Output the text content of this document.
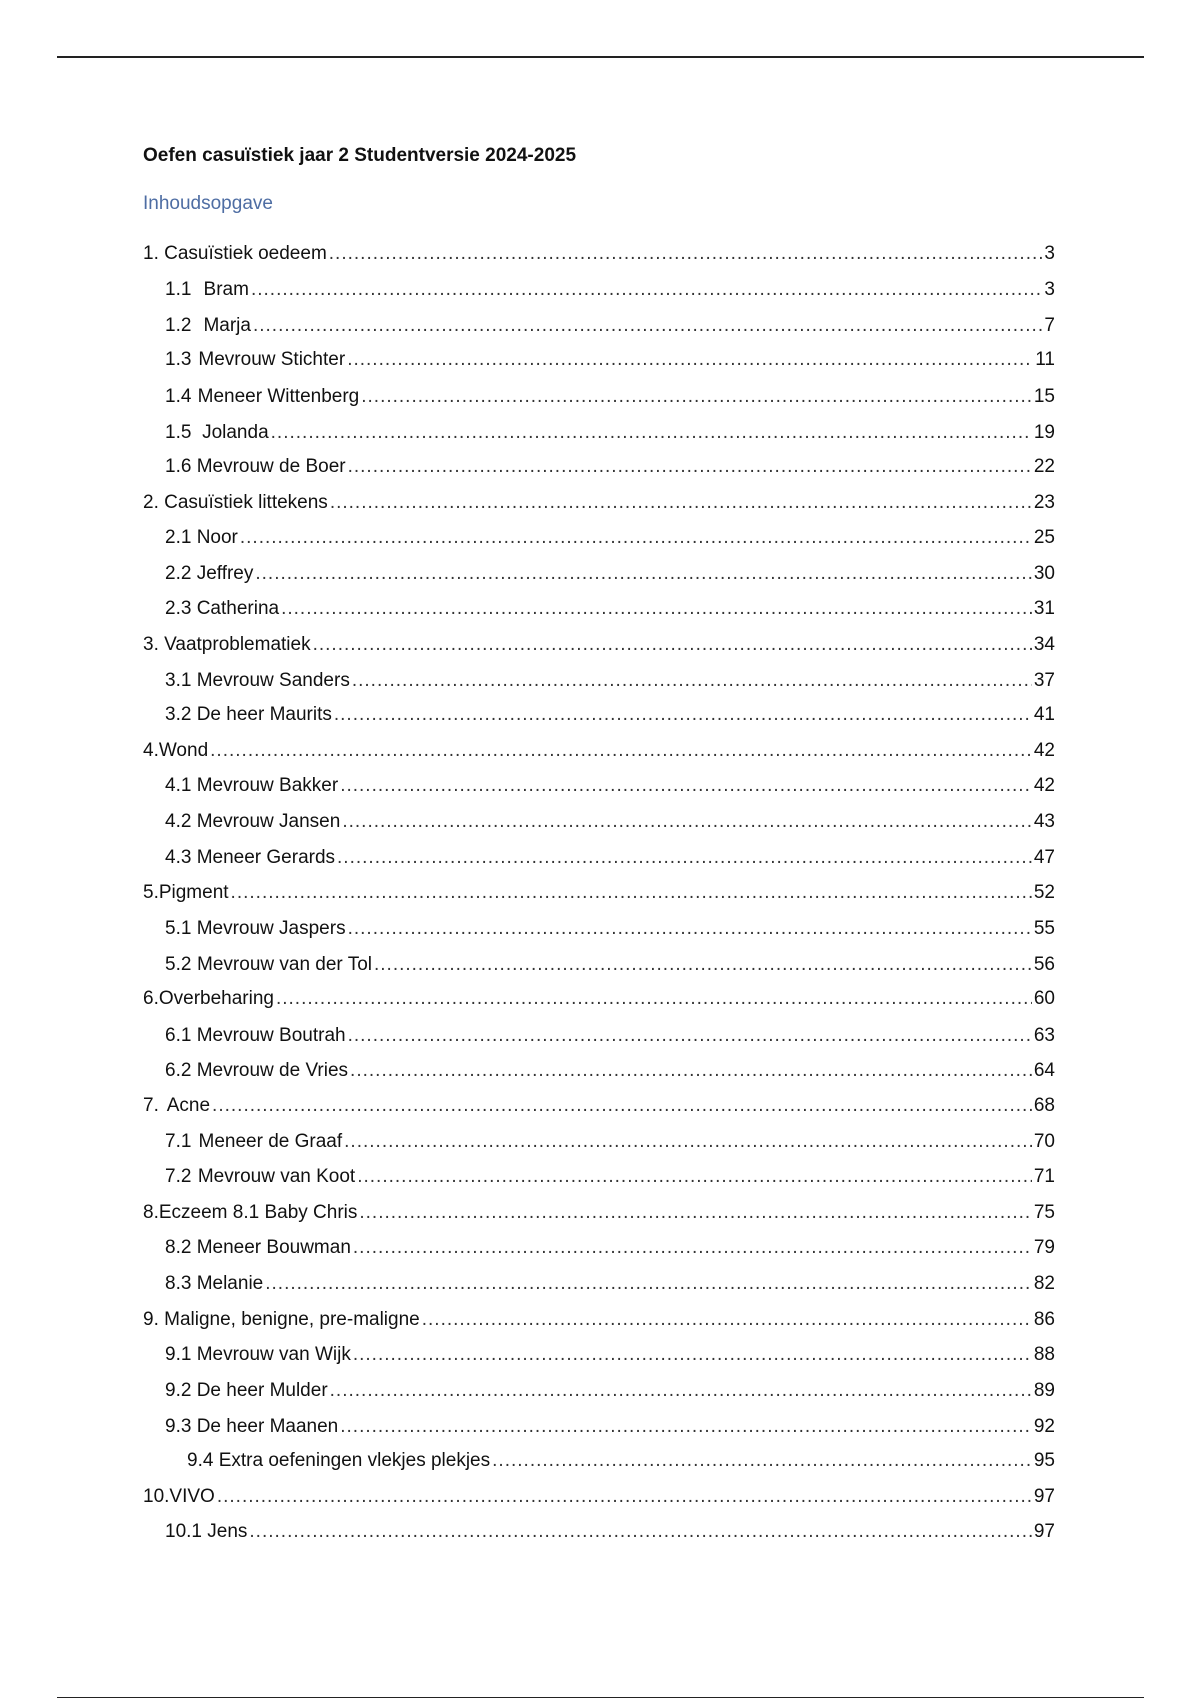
Oefen casuïstiek jaar 2 Studentversie 2024-2025
Inhoudsopgave
1. Casuïstiek oedeem .....	3
1.1 Bram .....	3
1.2 Marja .....	7
1.3 Mevrouw Stichter .....	11
1.4 Meneer Wittenberg .....	15
1.5 Jolanda .....	19
1.6 Mevrouw de Boer .....	22
2. Casuïstiek littekens .....	23
2.1 Noor .....	25
2.2 Jeffrey .....	30
2.3 Catherina .....	31
3. Vaatproblematiek .....	34
3.1 Mevrouw Sanders .....	37
3.2 De heer Maurits .....	41
4.Wond .....	42
4.1 Mevrouw Bakker .....	42
4.2 Mevrouw Jansen .....	43
4.3 Meneer Gerards .....	47
5.Pigment .....	52
5.1 Mevrouw Jaspers .....	55
5.2 Mevrouw van der Tol .....	56
6.Overbeharing .....	60
6.1 Mevrouw Boutrah .....	63
6.2 Mevrouw de Vries .....	64
7. Acne .....	68
7.1 Meneer de Graaf .....	70
7.2 Mevrouw van Koot .....	71
8.Eczeem 8.1 Baby Chris .....	75
8.2 Meneer Bouwman .....	79
8.3 Melanie .....	82
9. Maligne, benigne, pre-maligne .....	86
9.1 Mevrouw van Wijk .....	88
9.2 De heer Mulder .....	89
9.3 De heer Maanen .....	92
9.4 Extra oefeningen vlekjes plekjes .....	95
10.VIVO .....	97
10.1 Jens .....	97
